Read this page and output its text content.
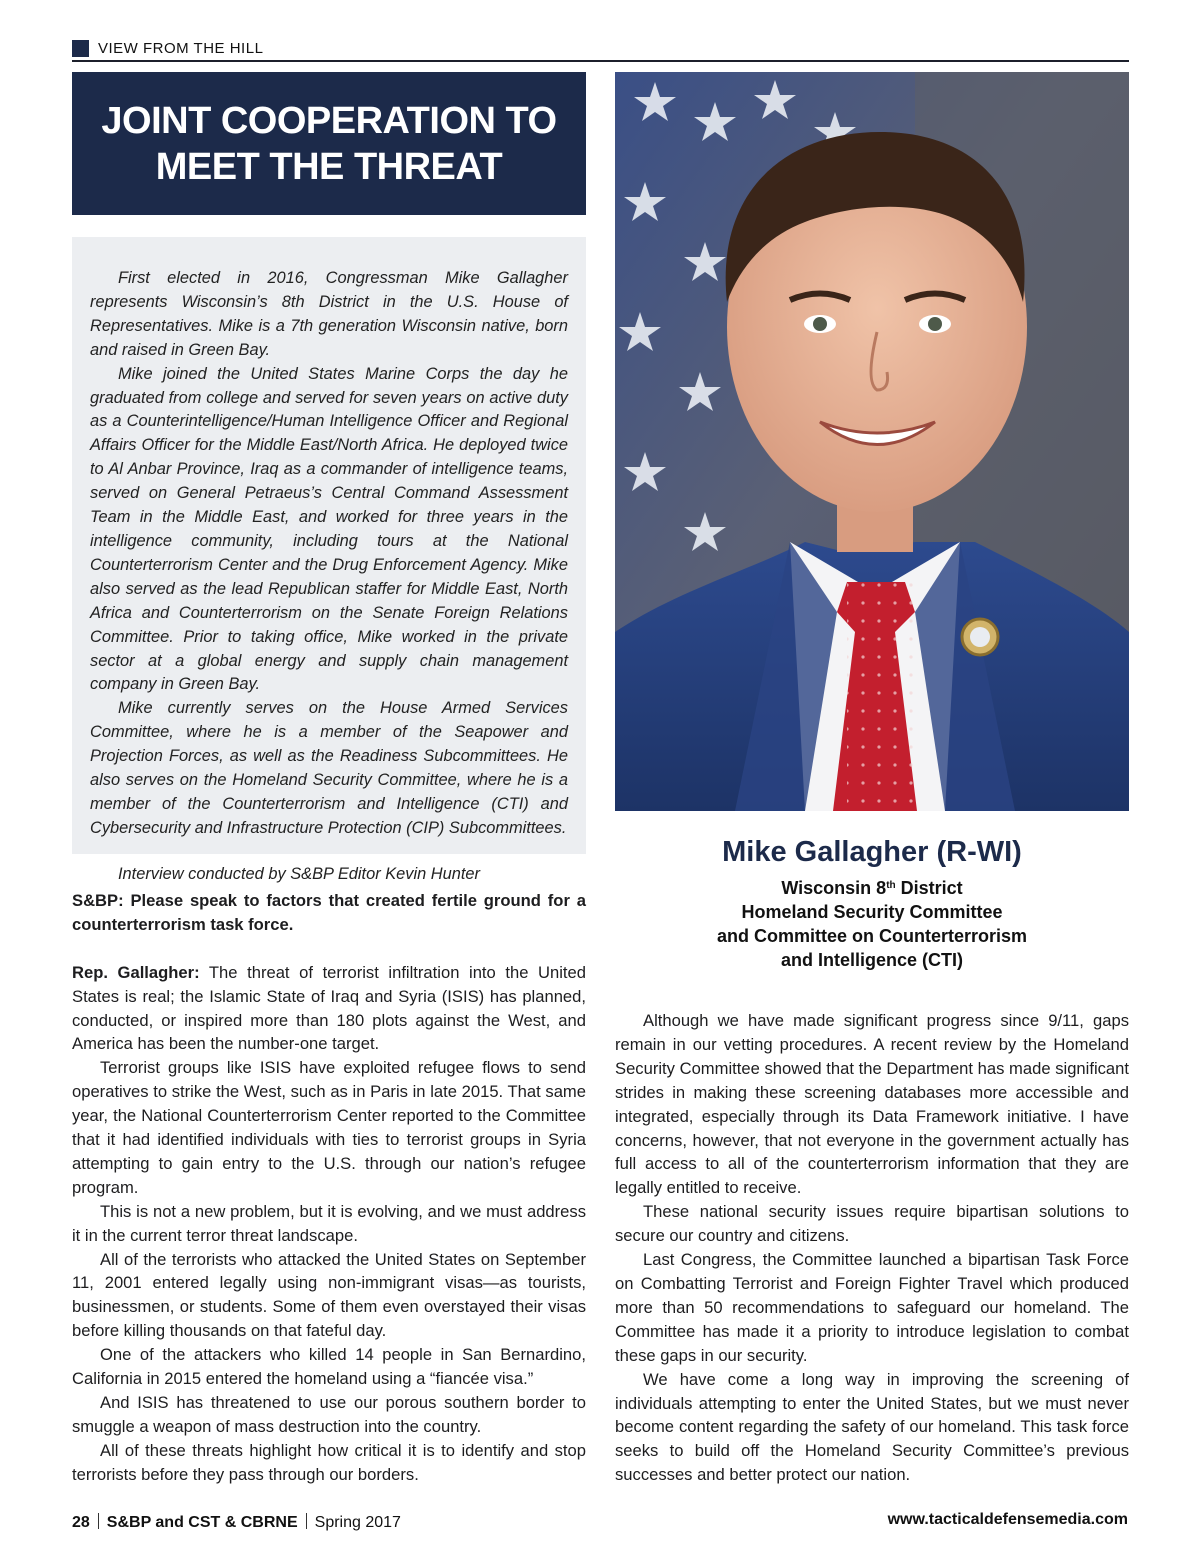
VIEW FROM THE HILL
JOINT COOPERATION TO
MEET THE THREAT

First elected in 2016, Congressman Mike Gallagher represents Wisconsin’s 8th District in the U.S. House of Representatives. Mike is a 7th generation Wisconsin native, born and raised in Green Bay.

Mike joined the United States Marine Corps the day he graduated from college and served for seven years on active duty as a Counterintelligence/Human Intelligence Officer and Regional Affairs Officer for the Middle East/North Africa. He deployed twice to Al Anbar Province, Iraq as a commander of intelligence teams, served on General Petraeus’s Central Command Assessment Team in the Middle East, and worked for three years in the intelligence community, including tours at the National Counterterrorism Center and the Drug Enforcement Agency. Mike also served as the lead Republican staffer for Middle East, North Africa and Counterterrorism on the Senate Foreign Relations Committee. Prior to taking office, Mike worked in the private sector at a global energy and supply chain management company in Green Bay.

Mike currently serves on the House Armed Services Committee, where he is a member of the Seapower and Projection Forces, as well as the Readiness Subcommittees. He also serves on the Homeland Security Committee, where he is a member of the Counterterrorism and Intelligence (CTI) and Cybersecurity and Infrastructure Protection (CIP) Subcommittees.

Interview conducted by S&BP Editor Kevin Hunter

Mike Gallagher (R-WI)
Wisconsin 8th District
Homeland Security Committee
and Committee on Counterterrorism
and Intelligence (CTI)

S&BP: Please speak to factors that created fertile ground for a counterterrorism task force.

Rep. Gallagher: The threat of terrorist infiltration into the United States is real; the Islamic State of Iraq and Syria (ISIS) has planned, conducted, or inspired more than 180 plots against the West, and America has been the number-one target.

Terrorist groups like ISIS have exploited refugee flows to send operatives to strike the West, such as in Paris in late 2015. That same year, the National Counterterrorism Center reported to the Committee that it had identified individuals with ties to terrorist groups in Syria attempting to gain entry to the U.S. through our nation’s refugee program.

This is not a new problem, but it is evolving, and we must address it in the current terror threat landscape.

All of the terrorists who attacked the United States on September 11, 2001 entered legally using non-immigrant visas—as tourists, businessmen, or students. Some of them even overstayed their visas before killing thousands on that fateful day.

One of the attackers who killed 14 people in San Bernardino, California in 2015 entered the homeland using a “fiancée visa.”

And ISIS has threatened to use our porous southern border to smuggle a weapon of mass destruction into the country.

All of these threats highlight how critical it is to identify and stop terrorists before they pass through our borders.

Although we have made significant progress since 9/11, gaps remain in our vetting procedures. A recent review by the Homeland Security Committee showed that the Department has made significant strides in making these screening databases more accessible and integrated, especially through its Data Framework initiative. I have concerns, however, that not everyone in the government actually has full access to all of the counterterrorism information that they are legally entitled to receive.

These national security issues require bipartisan solutions to secure our country and citizens.

Last Congress, the Committee launched a bipartisan Task Force on Combatting Terrorist and Foreign Fighter Travel which produced more than 50 recommendations to safeguard our homeland. The Committee has made it a priority to introduce legislation to combat these gaps in our security.

We have come a long way in improving the screening of individuals attempting to enter the United States, but we must never become content regarding the safety of our homeland. This task force seeks to build off the Homeland Security Committee’s previous successes and better protect our nation.

28 S&BP and CST & CBRNE Spring 2017	www.tacticaldefensemedia.com
